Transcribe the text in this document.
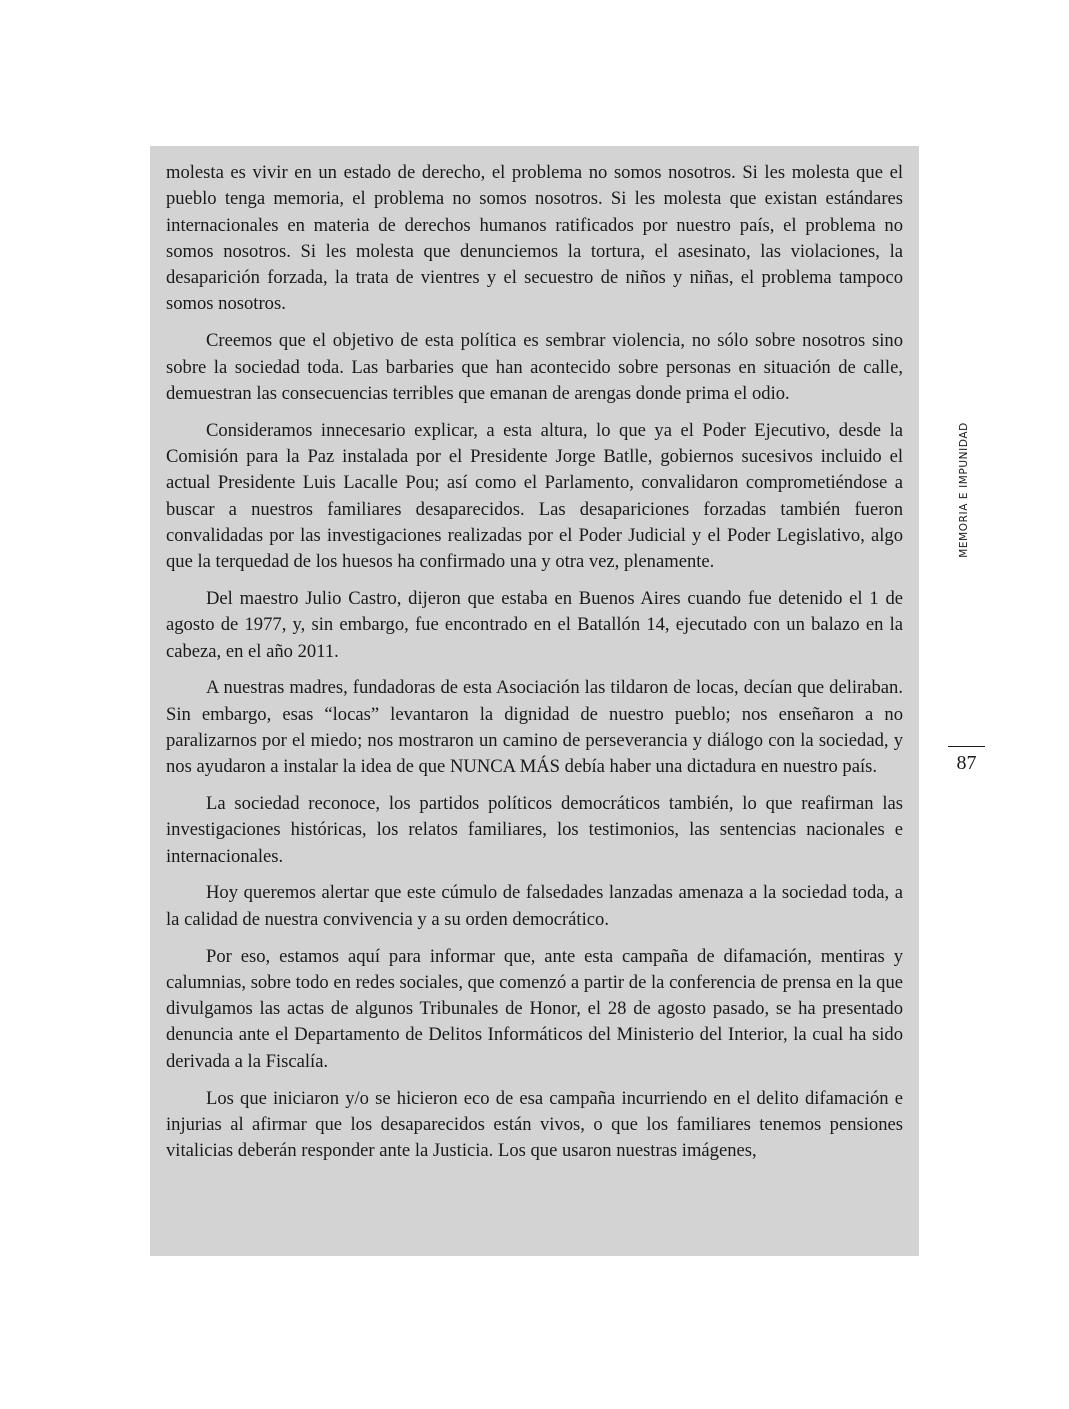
molesta es vivir en un estado de derecho, el problema no somos nosotros. Si les molesta que el pueblo tenga memoria, el problema no somos nosotros. Si les molesta que existan estándares internacionales en materia de derechos humanos ratificados por nuestro país, el problema no somos nosotros. Si les molesta que denunciemos la tortura, el asesinato, las violaciones, la desaparición forzada, la trata de vientres y el secuestro de niños y niñas, el problema tampoco somos nosotros.

Creemos que el objetivo de esta política es sembrar violencia, no sólo sobre nosotros sino sobre la sociedad toda. Las barbaries que han acontecido sobre personas en situación de calle, demuestran las consecuencias terribles que emanan de arengas donde prima el odio.

Consideramos innecesario explicar, a esta altura, lo que ya el Poder Ejecutivo, desde la Comisión para la Paz instalada por el Presidente Jorge Batlle, gobiernos sucesivos incluido el actual Presidente Luis Lacalle Pou; así como el Parlamento, convalidaron comprometiéndose a buscar a nuestros familiares desaparecidos. Las desapariciones forzadas también fueron convalidadas por las investigaciones realizadas por el Poder Judicial y el Poder Legislativo, algo que la terquedad de los huesos ha confirmado una y otra vez, plenamente.

Del maestro Julio Castro, dijeron que estaba en Buenos Aires cuando fue detenido el 1 de agosto de 1977, y, sin embargo, fue encontrado en el Batallón 14, ejecutado con un balazo en la cabeza, en el año 2011.

A nuestras madres, fundadoras de esta Asociación las tildaron de locas, decían que deliraban. Sin embargo, esas “locas” levantaron la dignidad de nuestro pueblo; nos enseñaron a no paralizarnos por el miedo; nos mostraron un camino de perseverancia y diálogo con la sociedad, y nos ayudaron a instalar la idea de que NUNCA MÁS debía haber una dictadura en nuestro país.

La sociedad reconoce, los partidos políticos democráticos también, lo que reafirman las investigaciones históricas, los relatos familiares, los testimonios, las sentencias nacionales e internacionales.

Hoy queremos alertar que este cúmulo de falsedades lanzadas amenaza a la sociedad toda, a la calidad de nuestra convivencia y a su orden democrático.

Por eso, estamos aquí para informar que, ante esta campaña de difamación, mentiras y calumnias, sobre todo en redes sociales, que comenzó a partir de la conferencia de prensa en la que divulgamos las actas de algunos Tribunales de Honor, el 28 de agosto pasado, se ha presentado denuncia ante el Departamento de Delitos Informáticos del Ministerio del Interior, la cual ha sido derivada a la Fiscalía.

Los que iniciaron y/o se hicieron eco de esa campaña incurriendo en el delito difamación e injurias al afirmar que los desaparecidos están vivos, o que los familiares tenemos pensiones vitalicias deberán responder ante la Justicia. Los que usaron nuestras imágenes,

MEMORIA E IMPUNIDAD
87
